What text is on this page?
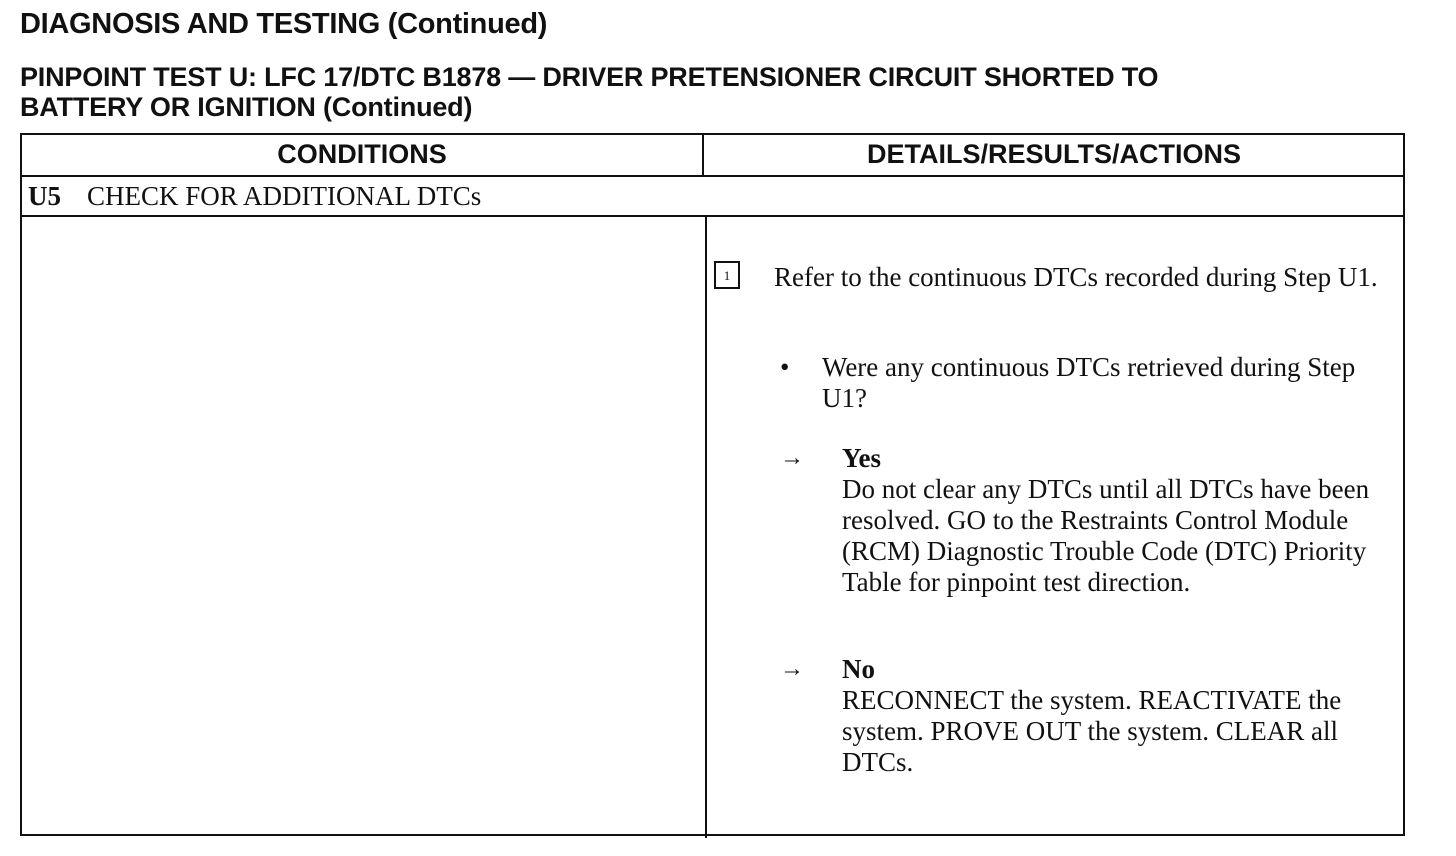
DIAGNOSIS AND TESTING (Continued)
PINPOINT TEST U: LFC 17/DTC B1878 — DRIVER PRETENSIONER CIRCUIT SHORTED TO
BATTERY OR IGNITION (Continued)
CONDITIONS	DETAILS/RESULTS/ACTIONS
U5 CHECK FOR ADDITIONAL DTCs
1	Refer to the continuous DTCs recorded during Step U1.
• Were any continuous DTCs retrieved during Step U1?
→ Yes
Do not clear any DTCs until all DTCs have been resolved. GO to the Restraints Control Module (RCM) Diagnostic Trouble Code (DTC) Priority Table for pinpoint test direction.
→ No
RECONNECT the system. REACTIVATE the system. PROVE OUT the system. CLEAR all DTCs.
